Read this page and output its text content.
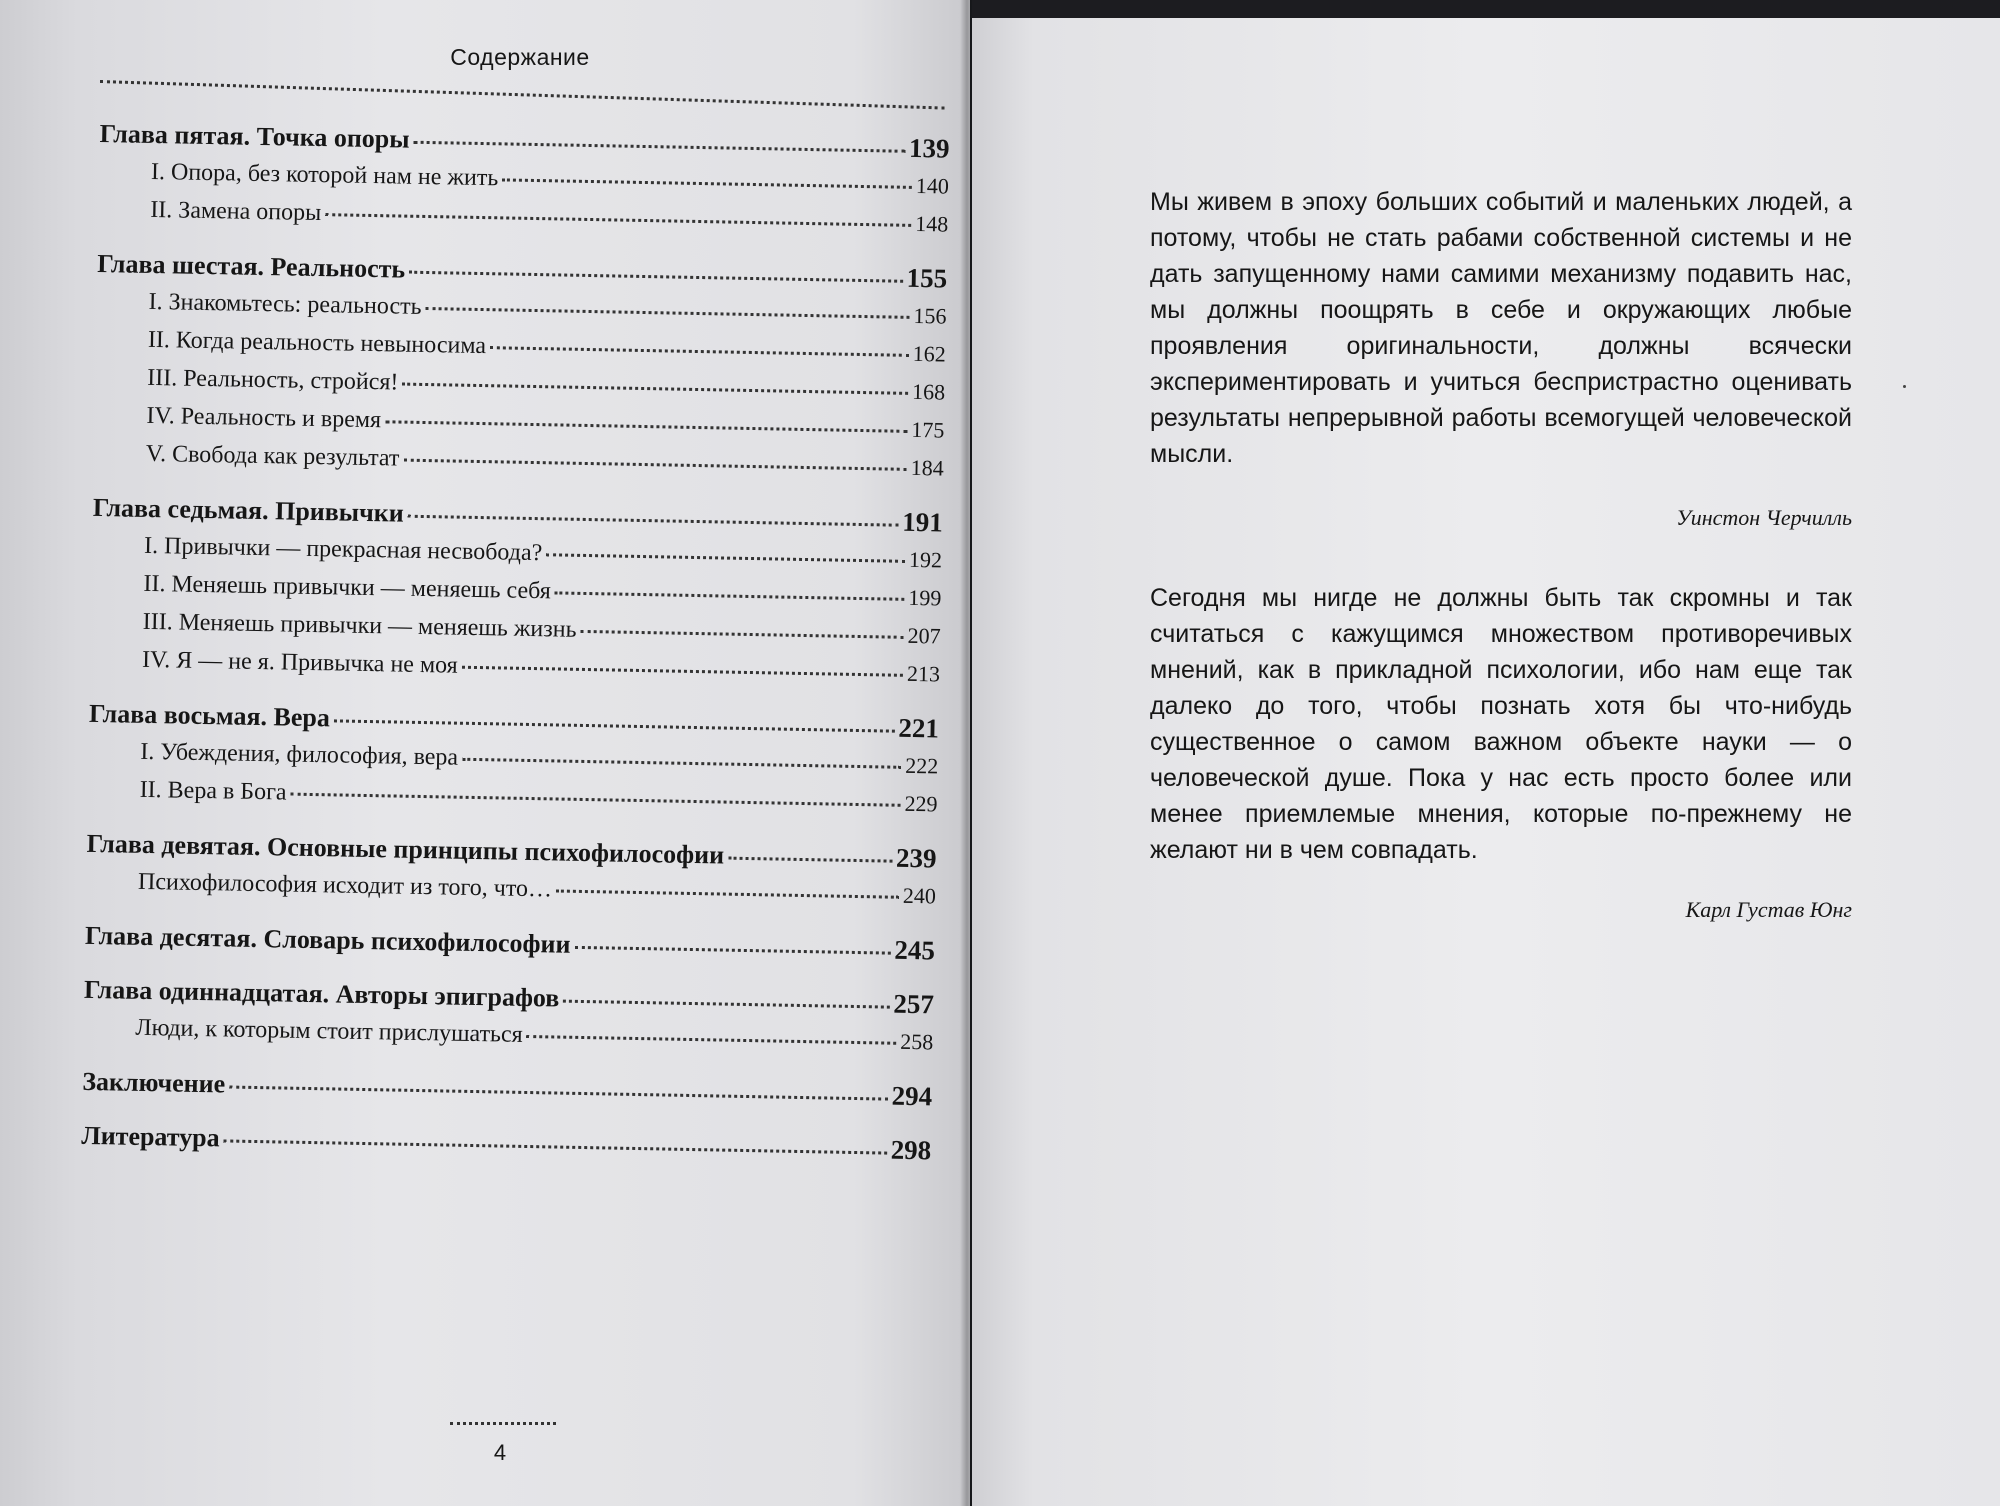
Содержание
Глава пятая. Точка опоры	139
I. Опора, без которой нам не жить	140
II. Замена опоры	148
Глава шестая. Реальность	155
I. Знакомьтесь: реальность	156
II. Когда реальность невыносима	162
III. Реальность, стройся!	168
IV. Реальность и время	175
V. Свобода как результат	184
Глава седьмая. Привычки	191
I. Привычки — прекрасная несвобода?	192
II. Меняешь привычки — меняешь себя	199
III. Меняешь привычки — меняешь жизнь	207
IV. Я — не я. Привычка не моя	213
Глава восьмая. Вера	221
I. Убеждения, философия, вера	222
II. Вера в Бога	229
Глава девятая. Основные принципы психофилософии	239
Психофилософия исходит из того, что…	240
Глава десятая. Словарь психофилософии	245
Глава одиннадцатая. Авторы эпиграфов	257
Люди, к которым стоит прислушаться	258
Заключение	294
Литература	298
4
Мы живем в эпоху больших событий и маленьких людей, а потому, чтобы не стать рабами собственной системы и не дать запущенному нами самими механизму подавить нас, мы должны поощрять в себе и окружающих любые проявления оригинальности, должны всячески экспериментировать и учиться беспристрастно оценивать результаты непрерывной работы всемогущей человеческой мысли.
Уинстон Черчилль
Сегодня мы нигде не должны быть так скромны и так считаться с кажущимся множеством противоречивых мнений, как в прикладной психологии, ибо нам еще так далеко до того, чтобы познать хотя бы что-нибудь существенное о самом важном объекте науки — о человеческой душе. Пока у нас есть просто более или менее приемлемые мнения, которые по-прежнему не желают ни в чем совпадать.
Карл Густав Юнг
